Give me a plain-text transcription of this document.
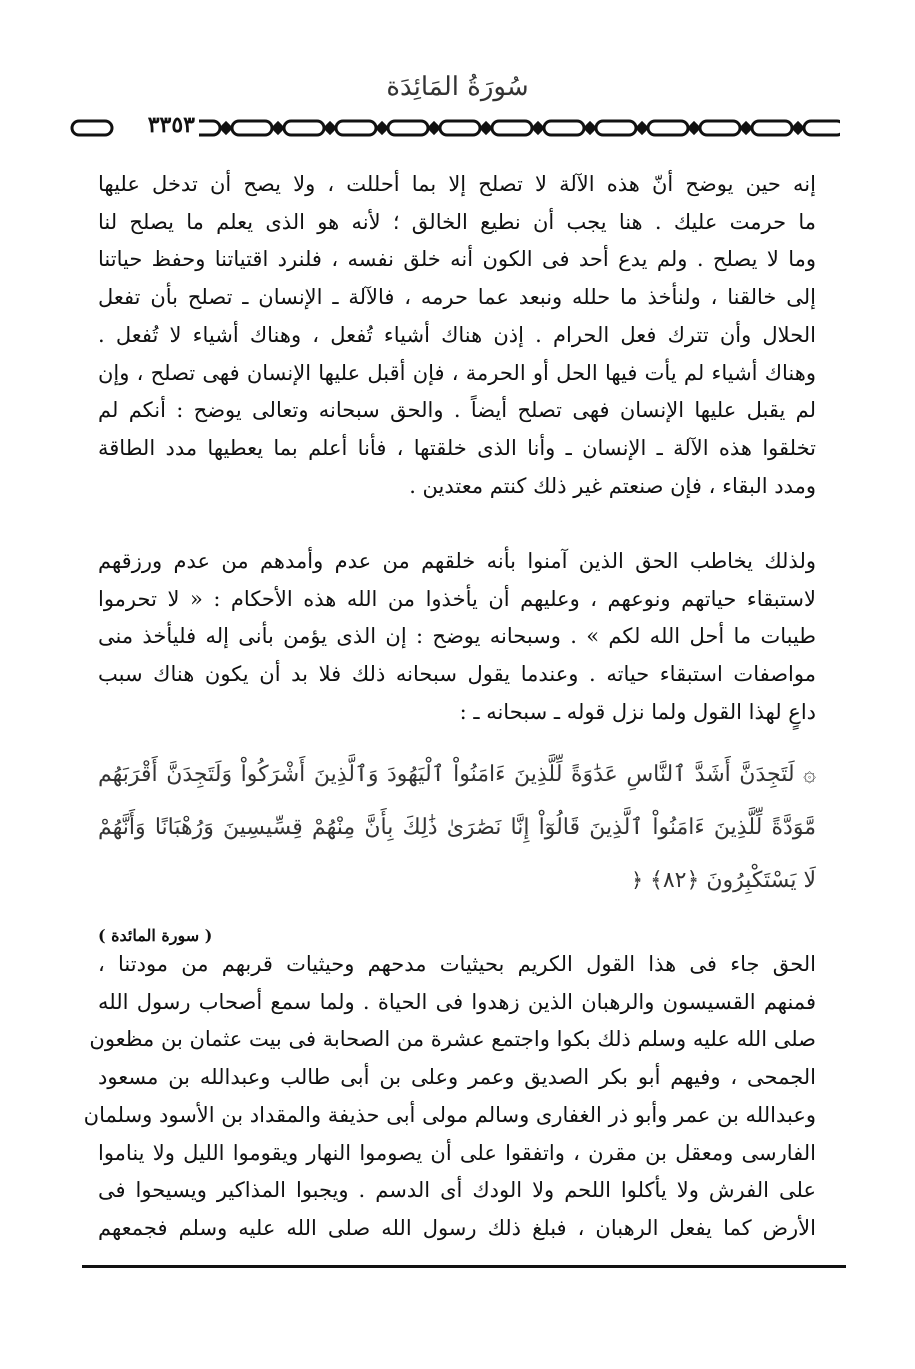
سُورَةُ المَائِدَة
٣٣٥٣
إنه حين يوضح أنّ هذه الآلة لا تصلح إلا بما أحللت ، ولا يصح أن تدخل عليها
ما حرمت عليك . هنا يجب أن نطيع الخالق ؛ لأنه هو الذى يعلم ما يصلح لنا
وما لا يصلح . ولم يدع أحد فى الكون أنه خلق نفسه ، فلنرد اقتياتنا وحفظ حياتنا
إلى خالقنا ، ولنأخذ ما حلله ونبعد عما حرمه ، فالآلة ـ الإنسان ـ تصلح بأن تفعل
الحلال وأن تترك فعل الحرام . إذن هناك أشياء تُفعل ، وهناك أشياء لا تُفعل .
وهناك أشياء لم يأت فيها الحل أو الحرمة ، فإن أقبل عليها الإنسان فهى تصلح ، وإن
لم يقبل عليها الإنسان فهى تصلح أيضاً . والحق سبحانه وتعالى يوضح : أنكم لم
تخلقوا هذه الآلة ـ الإنسان ـ وأنا الذى خلقتها ، فأنا أعلم بما يعطيها مدد الطاقة
ومدد البقاء ، فإن صنعتم غير ذلك كنتم معتدين .
ولذلك يخاطب الحق الذين آمنوا بأنه خلقهم من عدم وأمدهم من عدم ورزقهم
لاستبقاء حياتهم ونوعهم ، وعليهم أن يأخذوا من الله هذه الأحكام : « لا تحرموا
طيبات ما أحل الله لكم » . وسبحانه يوضح : إن الذى يؤمن بأنى إله فليأخذ منى
مواصفات استبقاء حياته . وعندما يقول سبحانه ذلك فلا بد أن يكون هناك سبب
داعٍ لهذا القول ولما نزل قوله ـ سبحانه ـ :
۞ لَتَجِدَنَّ أَشَدَّ ٱلنَّاسِ عَدَٰوَةً لِّلَّذِينَ ءَامَنُواْ ٱلْيَهُودَ وَٱلَّذِينَ أَشْرَكُواْ وَلَتَجِدَنَّ أَقْرَبَهُم
مَّوَدَّةً لِّلَّذِينَ ءَامَنُواْ ٱلَّذِينَ قَالُوٓاْ إِنَّا نَصَٰرَىٰ ذَٰلِكَ بِأَنَّ مِنْهُمْ قِسِّيسِينَ وَرُهْبَانًا وَأَنَّهُمْ
لَا يَسْتَكْبِرُونَ ﴿٨٢﴾ ﴿
( سورة المائدة )
الحق جاء فى هذا القول الكريم بحيثيات مدحهم وحيثيات قربهم من مودتنا ،
فمنهم القسيسون والرهبان الذين زهدوا فى الحياة . ولما سمع أصحاب رسول الله
صلى الله عليه وسلم ذلك بكوا واجتمع عشرة من الصحابة فى بيت عثمان بن مظعون
الجمحى ، وفيهم أبو بكر الصديق وعمر وعلى بن أبى طالب وعبدالله بن مسعود
وعبدالله بن عمر وأبو ذر الغفارى وسالم مولى أبى حذيفة والمقداد بن الأسود وسلمان
الفارسى ومعقل بن مقرن ، واتفقوا على أن يصوموا النهار ويقوموا الليل ولا يناموا
على الفرش ولا يأكلوا اللحم ولا الودك أى الدسم . ويجبوا المذاكير ويسيحوا فى
الأرض كما يفعل الرهبان ، فبلغ ذلك رسول الله صلى الله عليه وسلم فجمعهم
